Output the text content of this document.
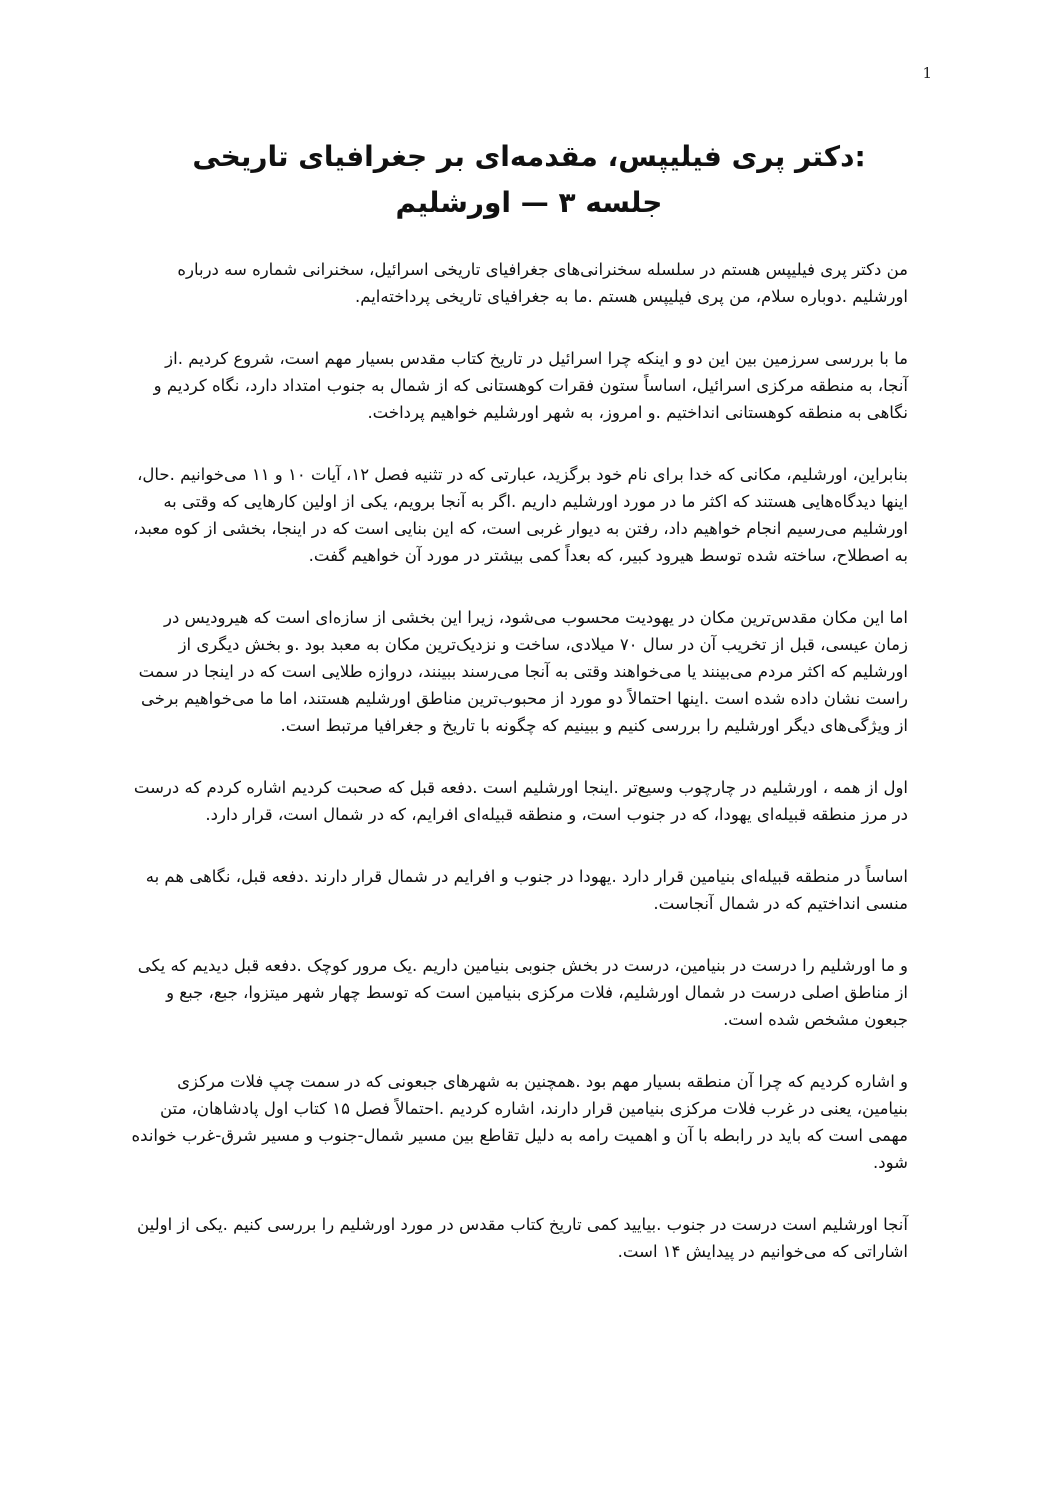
1
:دکتر پری فیلیپس، مقدمه‌ای بر جغرافیای تاریخی
جلسه ۳ — اورشلیم

من دکتر پری فیلیپس هستم در سلسله سخنرانی‌های جغرافیای تاریخی اسرائیل، سخنرانی شماره سه درباره اورشلیم .دوباره سلام، من پری فیلیپس هستم .ما به جغرافیای تاریخی پرداخته‌ایم.

ما با بررسی سرزمین بین این دو و اینکه چرا اسرائیل در تاریخ کتاب مقدس بسیار مهم است، شروع کردیم .از آنجا، به منطقه مرکزی اسرائیل، اساساً ستون فقرات کوهستانی که از شمال به جنوب امتداد دارد، نگاه کردیم و نگاهی به منطقه کوهستانی انداختیم .و امروز، به شهر اورشلیم خواهیم پرداخت.

بنابراین، اورشلیم، مکانی که خدا برای نام خود برگزید، عبارتی که در تثنیه فصل ۱۲، آیات ۱۰ و ۱۱ می‌خوانیم .حال، اینها دیدگاه‌هایی هستند که اکثر ما در مورد اورشلیم داریم .اگر به آنجا برویم، یکی از اولین کارهایی که وقتی به اورشلیم می‌رسیم انجام خواهیم داد، رفتن به دیوار غربی است، که این بنایی است که در اینجا، بخشی از کوه معبد، به اصطلاح، ساخته شده توسط هیرود کبیر، که بعداً کمی بیشتر در مورد آن خواهیم گفت.

اما این مکان مقدس‌ترین مکان در یهودیت محسوب می‌شود، زیرا این بخشی از سازه‌ای است که هیرودیس در زمان عیسی، قبل از تخریب آن در سال ۷۰ میلادی، ساخت و نزدیک‌ترین مکان به معبد بود .و بخش دیگری از اورشلیم که اکثر مردم می‌بینند یا می‌خواهند وقتی به آنجا می‌رسند ببینند، دروازه طلایی است که در اینجا در سمت راست نشان داده شده است .اینها احتمالاً دو مورد از محبوب‌ترین مناطق اورشلیم هستند، اما ما می‌خواهیم برخی از ویژگی‌های دیگر اورشلیم را بررسی کنیم و ببینیم که چگونه با تاریخ و جغرافیا مرتبط است.

اول از همه ، اورشلیم در چارچوب وسیع‌تر .اینجا اورشلیم است .دفعه قبل که صحبت کردیم اشاره کردم که درست در مرز منطقه قبیله‌ای یهودا، که در جنوب است، و منطقه قبیله‌ای افرایم، که در شمال است، قرار دارد.

اساساً در منطقه قبیله‌ای بنیامین قرار دارد .یهودا در جنوب و افرایم در شمال قرار دارند .دفعه قبل، نگاهی هم به منسی انداختیم که در شمال آنجاست.

و ما اورشلیم را درست در بنیامین، درست در بخش جنوبی بنیامین داریم .یک مرور کوچک .دفعه قبل دیدیم که یکی از مناطق اصلی درست در شمال اورشلیم، فلات مرکزی بنیامین است که توسط چهار شهر میتزوا، جبع، جبع و جبعون مشخص شده است.

و اشاره کردیم که چرا آن منطقه بسیار مهم بود .همچنین به شهرهای جبعونی که در سمت چپ فلات مرکزی بنیامین، یعنی در غرب فلات مرکزی بنیامین قرار دارند، اشاره کردیم .احتمالاً فصل ۱۵ کتاب اول پادشاهان، متن مهمی است که باید در رابطه با آن و اهمیت رامه به دلیل تقاطع بین مسیر شمال-جنوب و مسیر شرق-غرب خوانده شود.

آنجا اورشلیم است درست در جنوب .بیایید کمی تاریخ کتاب مقدس در مورد اورشلیم را بررسی کنیم .یکی از اولین اشاراتی که می‌خوانیم در پیدایش ۱۴ است.
